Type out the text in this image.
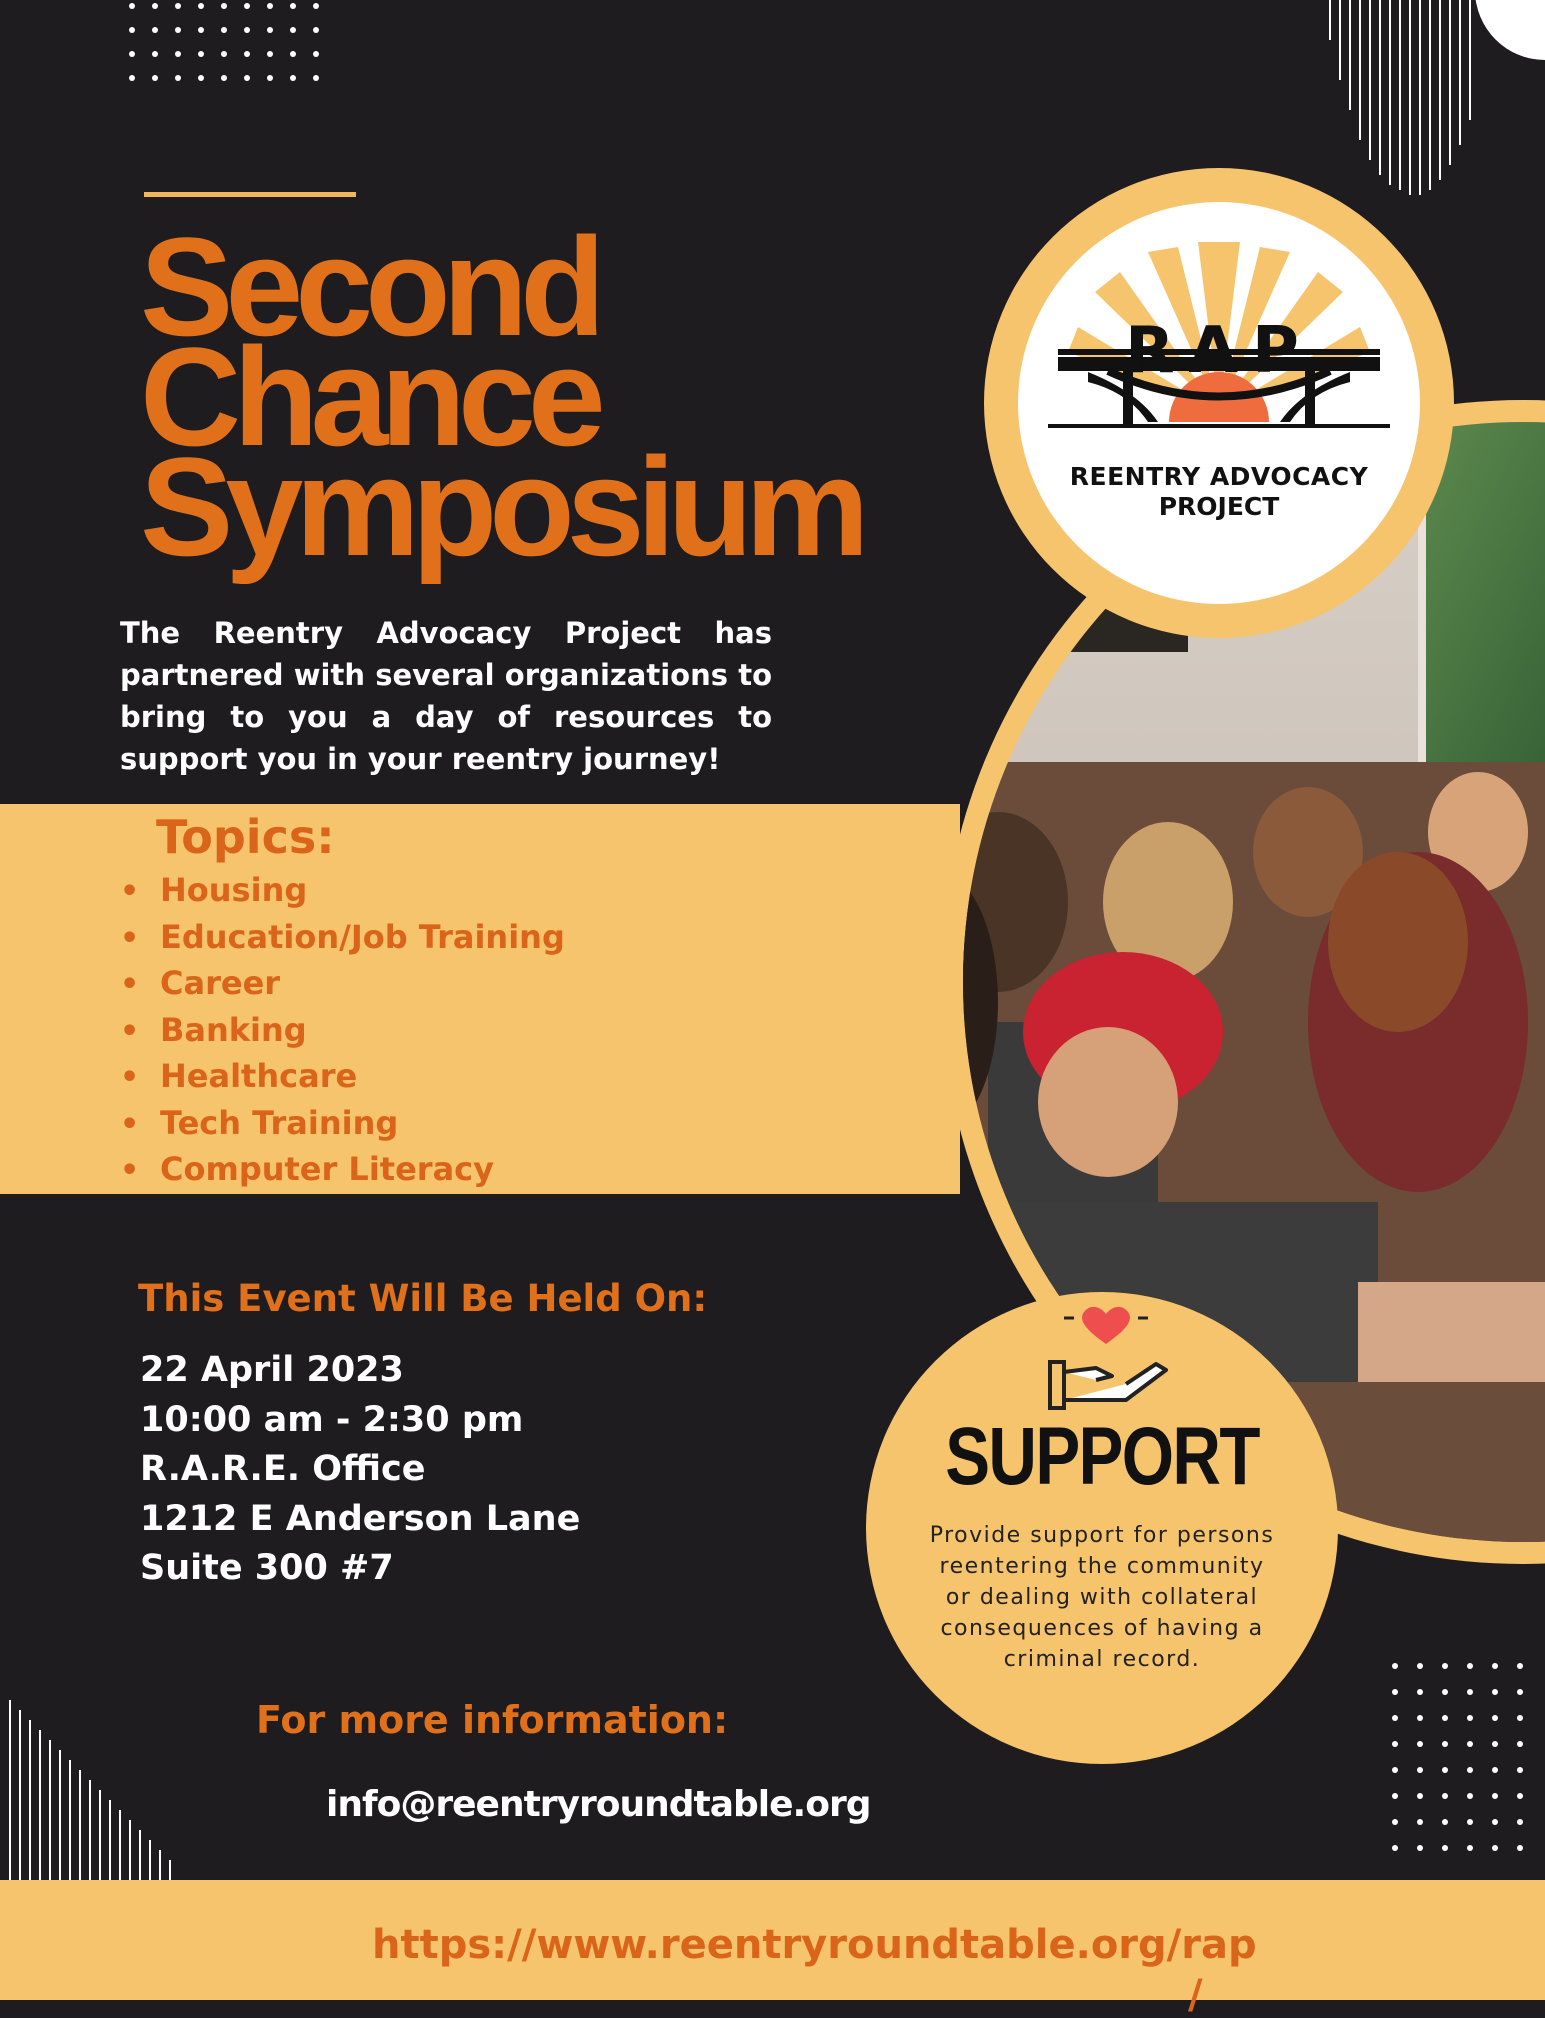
Second
Chance
Symposium
The Reentry Advocacy Project has partnered with several organizations to bring to you a day of resources to support you in your reentry journey!
RAP
REENTRY ADVOCACY
PROJECT
Topics:
• Housing
• Education/Job Training
• Career
• Banking
• Healthcare
• Tech Training
• Computer Literacy
This Event Will Be Held On:
22 April 2023
10:00 am - 2:30 pm
R.A.R.E. Office
1212 E Anderson Lane
Suite 300 #7
SUPPORT
Provide support for persons reentering the community or dealing with collateral consequences of having a criminal record.
For more information:
info@reentryroundtable.org
https://www.reentryroundtable.org/rap
/
